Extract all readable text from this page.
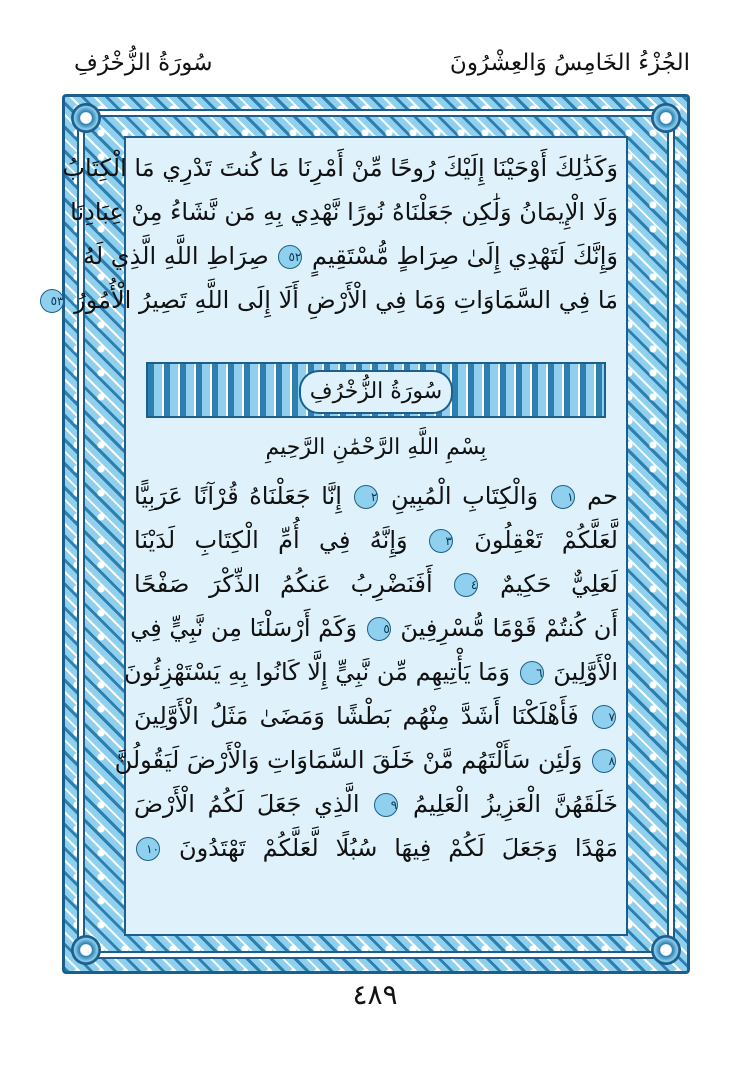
سُورَةُ الزُّخْرُفِ	الجُزْءُ الخَامِسُ وَالعِشْرُونَ
وَكَذَٰلِكَ أَوْحَيْنَا إِلَيْكَ رُوحًا مِّنْ أَمْرِنَا مَا كُنتَ تَدْرِي مَا الْكِتَابُ
وَلَا الْإِيمَانُ وَلَٰكِن جَعَلْنَاهُ نُورًا نَّهْدِي بِهِ مَن نَّشَاءُ مِنْ عِبَادِنَا
وَإِنَّكَ لَتَهْدِي إِلَىٰ صِرَاطٍ مُّسْتَقِيمٍ ٥٢ صِرَاطِ اللَّهِ الَّذِي لَهُ
مَا فِي السَّمَاوَاتِ وَمَا فِي الْأَرْضِ أَلَا إِلَى اللَّهِ تَصِيرُ الْأُمُورُ ٥٣
سُورَةُ الزُّخْرُفِ
بِسْمِ اللَّهِ الرَّحْمَٰنِ الرَّحِيمِ
حم ١ وَالْكِتَابِ الْمُبِينِ ٢ إِنَّا جَعَلْنَاهُ قُرْآنًا عَرَبِيًّا
لَّعَلَّكُمْ تَعْقِلُونَ ٣ وَإِنَّهُ فِي أُمِّ الْكِتَابِ لَدَيْنَا
لَعَلِيٌّ حَكِيمٌ ٤ أَفَنَضْرِبُ عَنكُمُ الذِّكْرَ صَفْحًا
أَن كُنتُمْ قَوْمًا مُّسْرِفِينَ ٥ وَكَمْ أَرْسَلْنَا مِن نَّبِيٍّ فِي
الْأَوَّلِينَ ٦ وَمَا يَأْتِيهِم مِّن نَّبِيٍّ إِلَّا كَانُوا بِهِ يَسْتَهْزِئُونَ
٧ فَأَهْلَكْنَا أَشَدَّ مِنْهُم بَطْشًا وَمَضَىٰ مَثَلُ الْأَوَّلِينَ
٨ وَلَئِن سَأَلْتَهُم مَّنْ خَلَقَ السَّمَاوَاتِ وَالْأَرْضَ لَيَقُولُنَّ
خَلَقَهُنَّ الْعَزِيزُ الْعَلِيمُ ٩ الَّذِي جَعَلَ لَكُمُ الْأَرْضَ
مَهْدًا وَجَعَلَ لَكُمْ فِيهَا سُبُلًا لَّعَلَّكُمْ تَهْتَدُونَ ١٠
٤٨٩
